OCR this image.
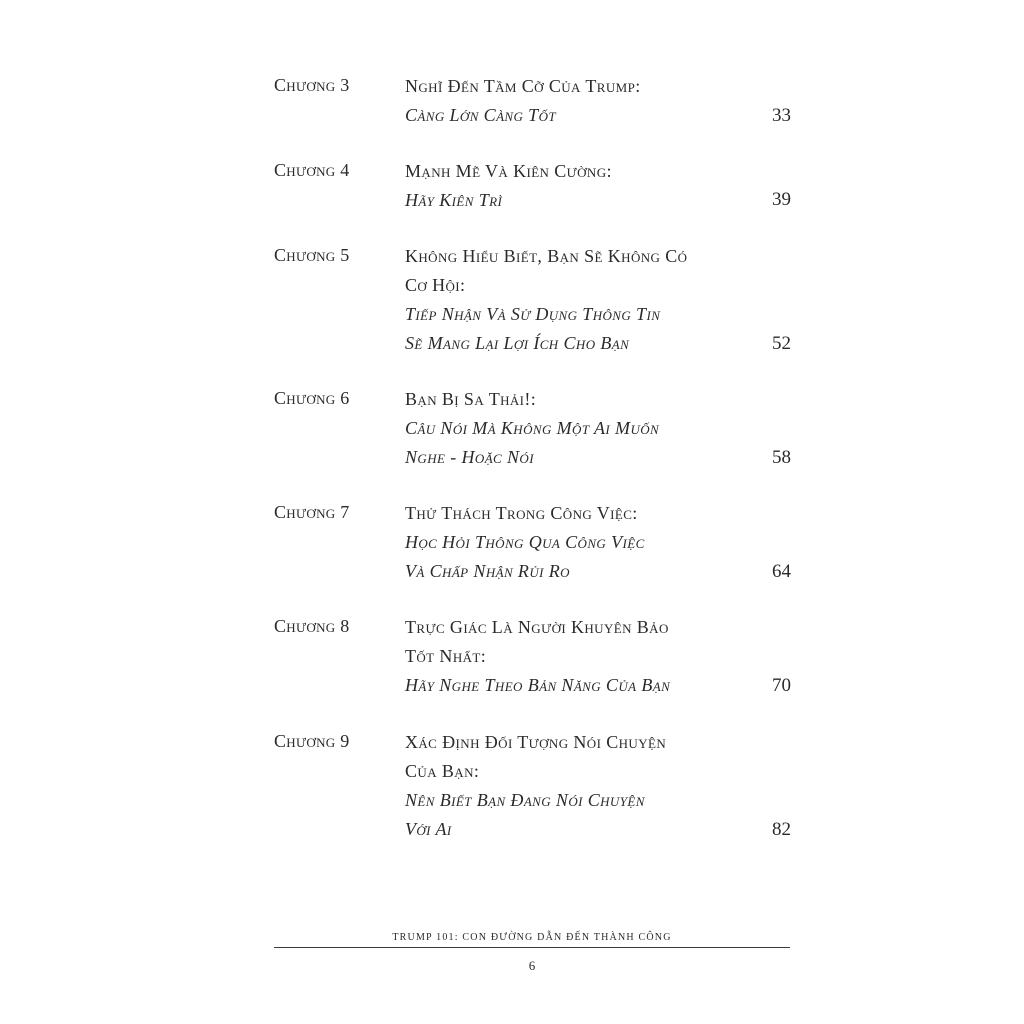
Chương 3	Nghĩ Đến Tầm Cỡ Của Trump:
Càng Lớn Càng Tốt	33
Chương 4	Mạnh Mẽ Và Kiên Cường:
Hãy Kiên Trì	39
Chương 5	Không Hiểu Biết, Bạn Sẽ Không Có
Cơ Hội:
Tiếp Nhận Và Sử Dụng Thông Tin
Sẽ Mang Lại Lợi Ích Cho Bạn	52
Chương 6	Bạn Bị Sa Thải!:
Câu Nói Mà Không Một Ai Muốn
Nghe - Hoặc Nói	58
Chương 7	Thử Thách Trong Công Việc:
Học Hỏi Thông Qua Công Việc
Và Chấp Nhận Rủi Ro	64
Chương 8	Trực Giác Là Người Khuyên Bảo
Tốt Nhất:
Hãy Nghe Theo Bản Năng Của Bạn	70
Chương 9	Xác Định Đối Tượng Nói Chuyện
Của Bạn:
Nên Biết Bạn Đang Nói Chuyện
Với Ai	82
TRUMP 101: CON ĐƯỜNG DẪN ĐẾN THÀNH CÔNG
6
